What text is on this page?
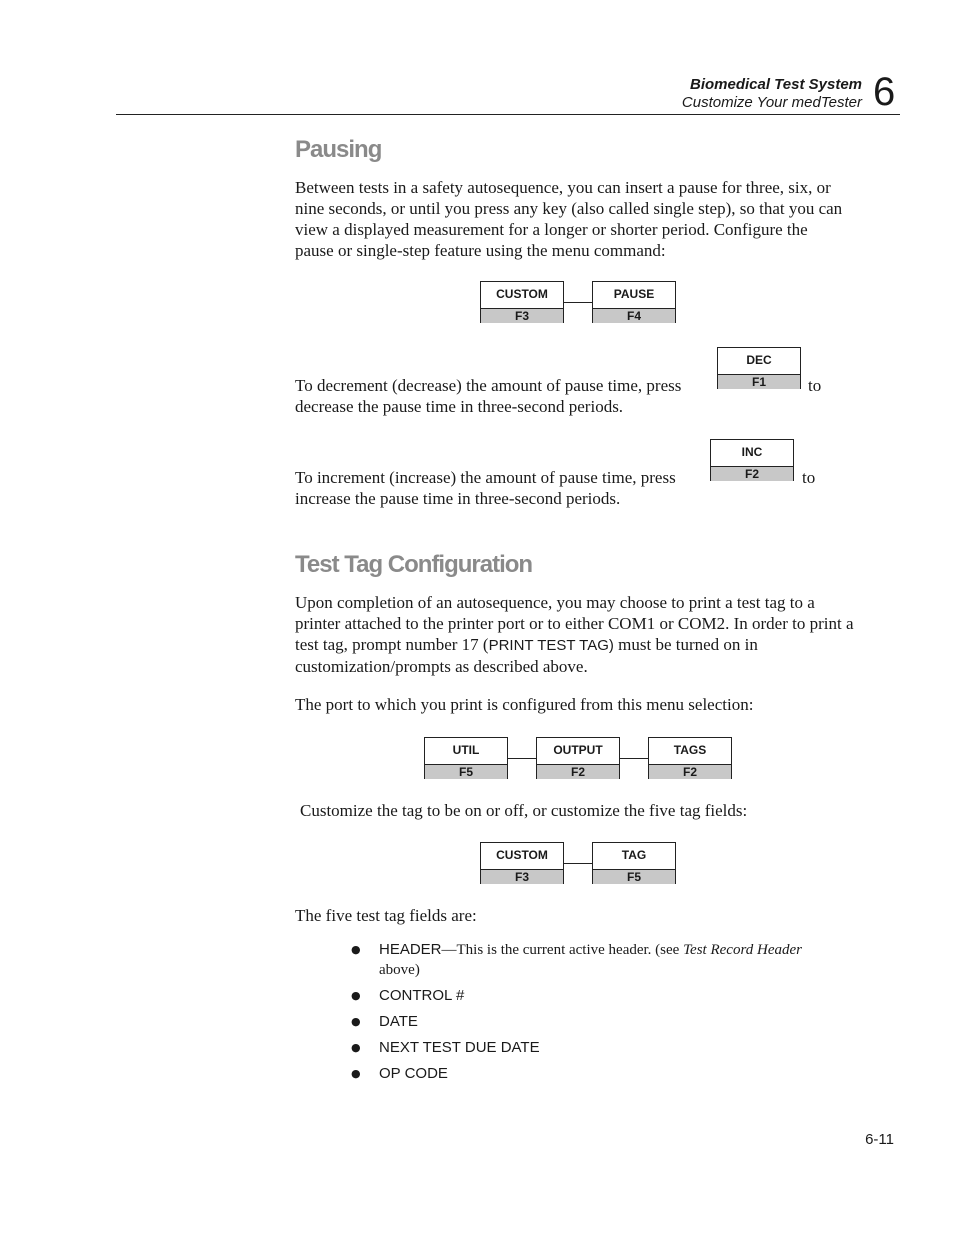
Biomedical Test System
Customize Your medTester 6
Pausing

Between tests in a safety autosequence, you can insert a pause for three, six, or nine seconds, or until you press any key (also called single step), so that you can view a displayed measurement for a longer or shorter period. Configure the pause or single-step feature using the menu command:

CUSTOM
F3
PAUSE
F4
DEC
F1

To decrement (decrease) the amount of pause time, press	to

decrease the pause time in three-second periods.

INC
F2

To increment (increase) the amount of pause time, press	to

increase the pause time in three-second periods.

Test Tag Configuration

Upon completion of an autosequence, you may choose to print a test tag to a printer attached to the printer port or to either COM1 or COM2. In order to print a test tag, prompt number 17 (PRINT TEST TAG) must be turned on in customization/prompts as described above.

The port to which you print is configured from this menu selection:

UTIL
F5
OUTPUT
F2
TAGS
F2

Customize the tag to be on or off, or customize the five tag fields:

CUSTOM
F3
TAG
F5

The five test tag fields are:

● HEADER—This is the current active header. (see Test Record Header above)
● CONTROL #
● DATE
● NEXT TEST DUE DATE
● OP CODE
6-11
